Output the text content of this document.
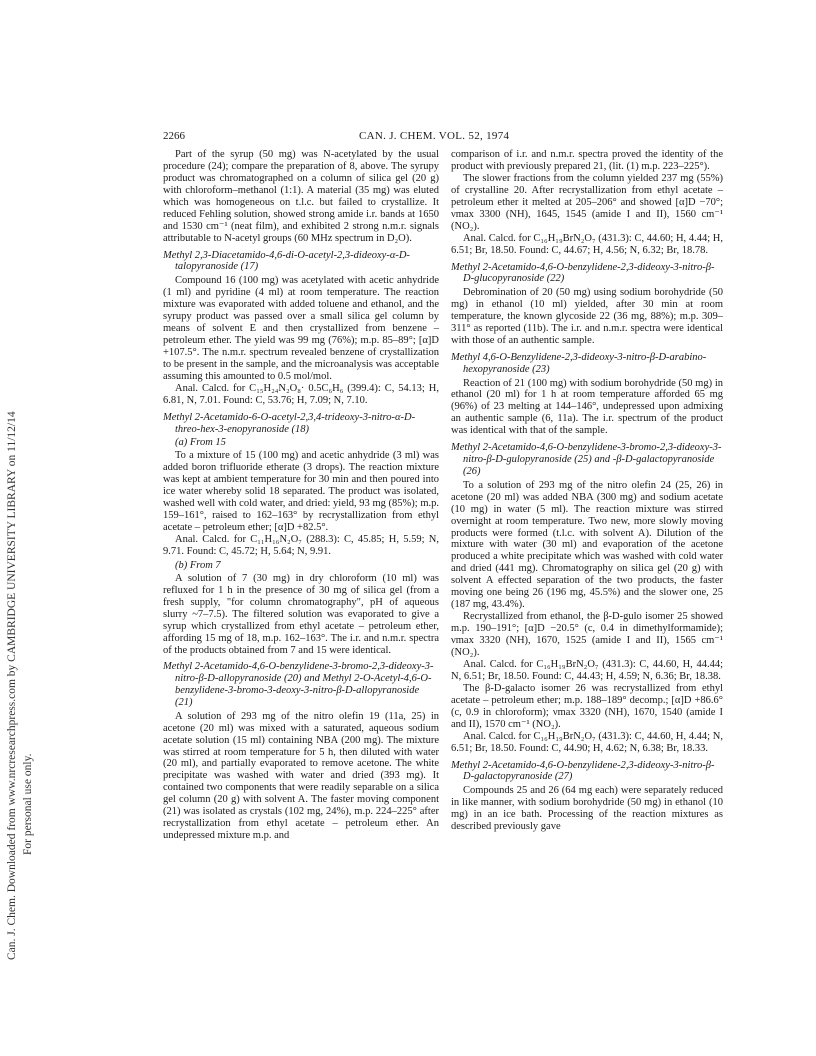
Can. J. Chem. Downloaded from www.nrcresearchpress.com by CAMBRIDGE UNIVERSITY LIBRARY on 11/12/14 For personal use only.
2266	CAN. J. CHEM. VOL. 52, 1974

Part of the syrup (50 mg) was N-acetylated by the usual procedure (24); compare the preparation of 8, above. The syrupy product was chromatographed on a column of silica gel (20 g) with chloroform–methanol (1:1). A material (35 mg) was eluted which was homogeneous on t.l.c. but failed to crystallize. It reduced Fehling solution, showed strong amide i.r. bands at 1650 and 1530 cm⁻¹ (neat film), and exhibited 2 strong n.m.r. signals attributable to N-acetyl groups (60 MHz spectrum in D₂O).

Methyl 2,3-Diacetamido-4,6-di-O-acetyl-2,3-dideoxy-α-D-talopyranoside (17)

Compound 16 (100 mg) was acetylated with acetic anhydride (1 ml) and pyridine (4 ml) at room temperature. The reaction mixture was evaporated with added toluene and ethanol, and the syrupy product was passed over a small silica gel column by means of solvent E and then crystallized from benzene – petroleum ether. The yield was 99 mg (76%); m.p. 85–89°; [α]D +107.5°. The n.m.r. spectrum revealed benzene of crystallization to be present in the sample, and the microanalysis was acceptable assuming this amounted to 0.5 mol/mol.

Anal. Calcd. for C₁₅H₂₄N₂O₈· 0.5C₆H₆ (399.4): C, 54.13; H, 6.81, N, 7.01. Found: C, 53.76; H, 7.09; N, 7.10.

Methyl 2-Acetamido-6-O-acetyl-2,3,4-trideoxy-3-nitro-α-D-threo-hex-3-enopyranoside (18)
(a) From 15

To a mixture of 15 (100 mg) and acetic anhydride (3 ml) was added boron trifluoride etherate (3 drops). The reaction mixture was kept at ambient temperature for 30 min and then poured into ice water whereby solid 18 separated. The product was isolated, washed well with cold water, and dried: yield, 93 mg (85%); m.p. 159–161°, raised to 162–163° by recrystallization from ethyl acetate – petroleum ether; [α]D +82.5°.

Anal. Calcd. for C₁₁H₁₆N₂O₇ (288.3): C, 45.85; H, 5.59; N, 9.71. Found: C, 45.72; H, 5.64; N, 9.91.

(b) From 7

A solution of 7 (30 mg) in dry chloroform (10 ml) was refluxed for 1 h in the presence of 30 mg of silica gel (from a fresh supply, "for column chromatography", pH of aqueous slurry ~7–7.5). The filtered solution was evaporated to give a syrup which crystallized from ethyl acetate – petroleum ether, affording 15 mg of 18, m.p. 162–163°. The i.r. and n.m.r. spectra of the products obtained from 7 and 15 were identical.

Methyl 2-Acetamido-4,6-O-benzylidene-3-bromo-2,3-dideoxy-3-nitro-β-D-allopyranoside (20) and Methyl 2-O-Acetyl-4,6-O-benzylidene-3-bromo-3-deoxy-3-nitro-β-D-allopyranoside (21)

A solution of 293 mg of the nitro olefin 19 (11a, 25) in acetone (20 ml) was mixed with a saturated, aqueous sodium acetate solution (15 ml) containing NBA (200 mg). The mixture was stirred at room temperature for 5 h, then diluted with water (20 ml), and partially evaporated to remove acetone. The white precipitate was washed with water and dried (393 mg). It contained two components that were readily separable on a silica gel column (20 g) with solvent A. The faster moving component (21) was isolated as crystals (102 mg, 24%), m.p. 224–225° after recrystallization from ethyl acetate – petroleum ether. An undepressed mixture m.p. and

comparison of i.r. and n.m.r. spectra proved the identity of the product with previously prepared 21, (lit. (1) m.p. 223–225°).

The slower fractions from the column yielded 237 mg (55%) of crystalline 20. After recrystallization from ethyl acetate – petroleum ether it melted at 205–206° and showed [α]D −70°; νmax 3300 (NH), 1645, 1545 (amide I and II), 1560 cm⁻¹ (NO₂).

Anal. Calcd. for C₁₆H₁₉BrN₂O₇ (431.3): C, 44.60; H, 4.44; H, 6.51; Br, 18.50. Found: C, 44.67; H, 4.56; N, 6.32; Br, 18.78.

Methyl 2-Acetamido-4,6-O-benzylidene-2,3-dideoxy-3-nitro-β-D-glucopyranoside (22)

Debromination of 20 (50 mg) using sodium borohydride (50 mg) in ethanol (10 ml) yielded, after 30 min at room temperature, the known glycoside 22 (36 mg, 88%); m.p. 309–311° as reported (11b). The i.r. and n.m.r. spectra were identical with those of an authentic sample.

Methyl 4,6-O-Benzylidene-2,3-dideoxy-3-nitro-β-D-arabino-hexopyranoside (23)

Reaction of 21 (100 mg) with sodium borohydride (50 mg) in ethanol (20 ml) for 1 h at room temperature afforded 65 mg (96%) of 23 melting at 144–146°, undepressed upon admixing an authentic sample (6, 11a). The i.r. spectrum of the product was identical with that of the sample.

Methyl 2-Acetamido-4,6-O-benzylidene-3-bromo-2,3-dideoxy-3-nitro-β-D-gulopyranoside (25) and -β-D-galactopyranoside (26)

To a solution of 293 mg of the nitro olefin 24 (25, 26) in acetone (20 ml) was added NBA (300 mg) and sodium acetate (10 mg) in water (5 ml). The reaction mixture was stirred overnight at room temperature. Two new, more slowly moving products were formed (t.l.c. with solvent A). Dilution of the mixture with water (30 ml) and evaporation of the acetone produced a white precipitate which was washed with cold water and dried (441 mg). Chromatography on silica gel (20 g) with solvent A effected separation of the two products, the faster moving one being 26 (196 mg, 45.5%) and the slower one, 25 (187 mg, 43.4%).

Recrystallized from ethanol, the β-D-gulo isomer 25 showed m.p. 190–191°; [α]D −20.5° (c, 0.4 in dimethylformamide); νmax 3320 (NH), 1670, 1525 (amide I and II), 1565 cm⁻¹ (NO₂).

Anal. Calcd. for C₁₆H₁₉BrN₂O₇ (431.3): C, 44.60, H, 44.44; N, 6.51; Br, 18.50. Found: C, 44.43; H, 4.59; N, 6.36; Br, 18.38.

The β-D-galacto isomer 26 was recrystallized from ethyl acetate – petroleum ether; m.p. 188–189° decomp.; [α]D +86.6° (c, 0.9 in chloroform); νmax 3320 (NH), 1670, 1540 (amide I and II), 1570 cm⁻¹ (NO₂).

Anal. Calcd. for C₁₆H₁₉BrN₂O₇ (431.3): C, 44.60, H, 4.44; N, 6.51; Br, 18.50. Found: C, 44.90; H, 4.62; N, 6.38; Br, 18.33.

Methyl 2-Acetamido-4,6-O-benzylidene-2,3-dideoxy-3-nitro-β-D-galactopyranoside (27)

Compounds 25 and 26 (64 mg each) were separately reduced in like manner, with sodium borohydride (50 mg) in ethanol (10 mg) in an ice bath. Processing of the reaction mixtures as described previously gave
